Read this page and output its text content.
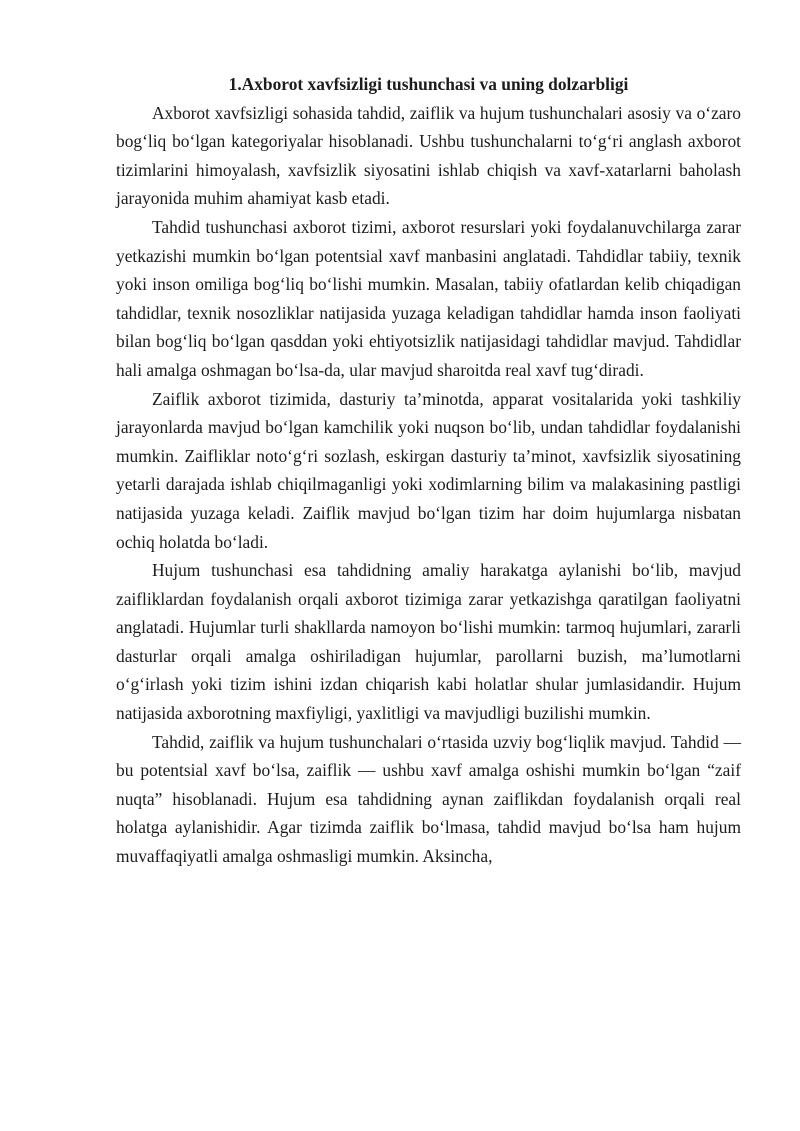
1.Axborot xavfsizligi tushunchasi va uning dolzarbligi

Axborot xavfsizligi sohasida tahdid, zaiflik va hujum tushunchalari asosiy va o‘zaro bog‘liq bo‘lgan kategoriyalar hisoblanadi. Ushbu tushunchalarni to‘g‘ri anglash axborot tizimlarini himoyalash, xavfsizlik siyosatini ishlab chiqish va xavf-xatarlarni baholash jarayonida muhim ahamiyat kasb etadi.

Tahdid tushunchasi axborot tizimi, axborot resurslari yoki foydalanuvchilarga zarar yetkazishi mumkin bo‘lgan potentsial xavf manbasini anglatadi. Tahdidlar tabiiy, texnik yoki inson omiliga bog‘liq bo‘lishi mumkin. Masalan, tabiiy ofatlardan kelib chiqadigan tahdidlar, texnik nosozliklar natijasida yuzaga keladigan tahdidlar hamda inson faoliyati bilan bog‘liq bo‘lgan qasddan yoki ehtiyotsizlik natijasidagi tahdidlar mavjud. Tahdidlar hali amalga oshmagan bo‘lsa-da, ular mavjud sharoitda real xavf tug‘diradi.

Zaiflik axborot tizimida, dasturiy ta’minotda, apparat vositalarida yoki tashkiliy jarayonlarda mavjud bo‘lgan kamchilik yoki nuqson bo‘lib, undan tahdidlar foydalanishi mumkin. Zaifliklar noto‘g‘ri sozlash, eskirgan dasturiy ta’minot, xavfsizlik siyosatining yetarli darajada ishlab chiqilmaganligi yoki xodimlarning bilim va malakasining pastligi natijasida yuzaga keladi. Zaiflik mavjud bo‘lgan tizim har doim hujumlarga nisbatan ochiq holatda bo‘ladi.

Hujum tushunchasi esa tahdidning amaliy harakatga aylanishi bo‘lib, mavjud zaifliklardan foydalanish orqali axborot tizimiga zarar yetkazishga qaratilgan faoliyatni anglatadi. Hujumlar turli shakllarda namoyon bo‘lishi mumkin: tarmoq hujumlari, zararli dasturlar orqali amalga oshiriladigan hujumlar, parollarni buzish, ma’lumotlarni o‘g‘irlash yoki tizim ishini izdan chiqarish kabi holatlar shular jumlasidandir. Hujum natijasida axborotning maxfiyligi, yaxlitligi va mavjudligi buzilishi mumkin.

Tahdid, zaiflik va hujum tushunchalari o‘rtasida uzviy bog‘liqlik mavjud. Tahdid — bu potentsial xavf bo‘lsa, zaiflik — ushbu xavf amalga oshishi mumkin bo‘lgan “zaif nuqta” hisoblanadi. Hujum esa tahdidning aynan zaiflikdan foydalanish orqali real holatga aylanishidir. Agar tizimda zaiflik bo‘lmasa, tahdid mavjud bo‘lsa ham hujum muvaffaqiyatli amalga oshmasligi mumkin. Aksincha,
